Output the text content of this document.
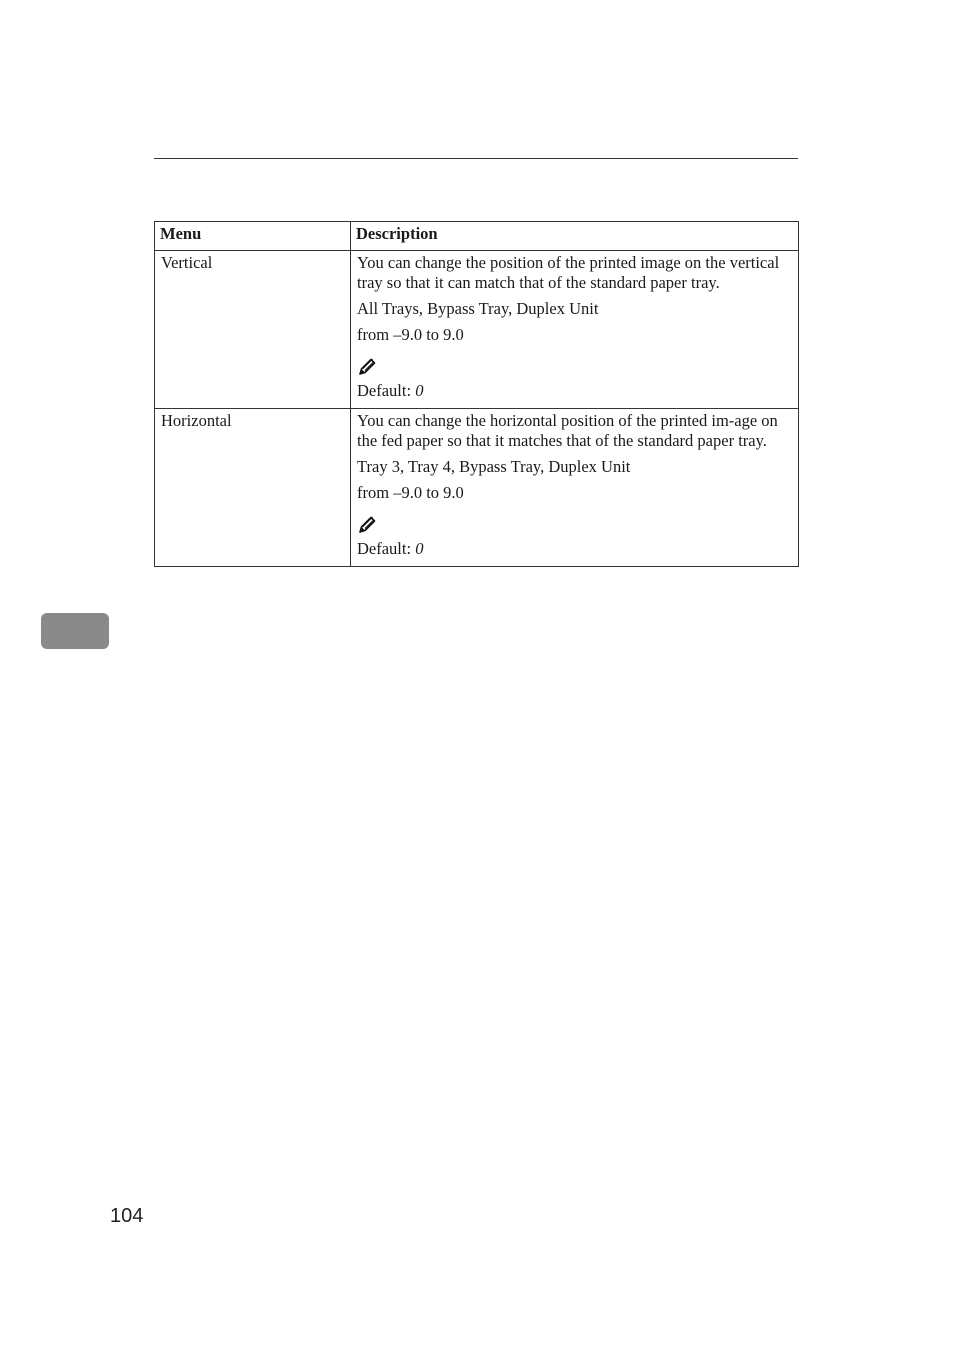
Menu	Description
Vertical	You can change the position of the printed image on the vertical tray so that it can match that of the standard paper tray.

All Trays, Bypass Tray, Duplex Unit

from –9.0 to 9.0

Default: 0

Horizontal	You can change the horizontal position of the printed im-age on the fed paper so that it matches that of the standard paper tray.

Tray 3, Tray 4, Bypass Tray, Duplex Unit

from –9.0 to 9.0

Default: 0

104
